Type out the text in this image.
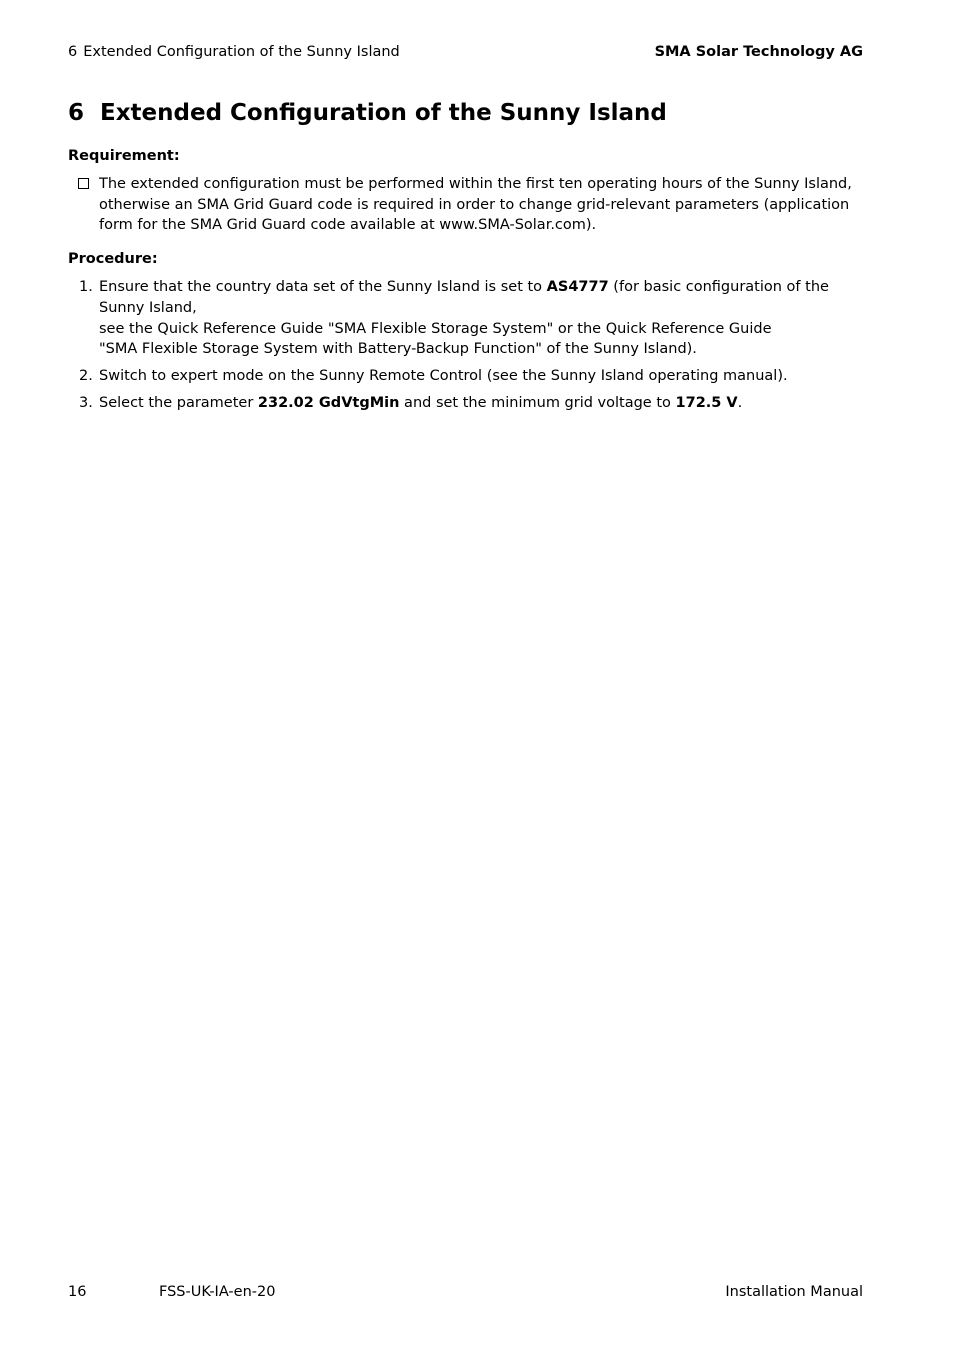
6 Extended Configuration of the Sunny Island	SMA Solar Technology AG
6 Extended Configuration of the Sunny Island
Requirement:
The extended configuration must be performed within the first ten operating hours of the Sunny Island, otherwise an SMA Grid Guard code is required in order to change grid-relevant parameters (application form for the SMA Grid Guard code available at www.SMA-Solar.com).
Procedure:
1. Ensure that the country data set of the Sunny Island is set to AS4777 (for basic configuration of the Sunny Island,
see the Quick Reference Guide "SMA Flexible Storage System" or the Quick Reference Guide
"SMA Flexible Storage System with Battery-Backup Function" of the Sunny Island).
2. Switch to expert mode on the Sunny Remote Control (see the Sunny Island operating manual).
3. Select the parameter 232.02 GdVtgMin and set the minimum grid voltage to 172.5 V.
16	FSS-UK-IA-en-20	Installation Manual
